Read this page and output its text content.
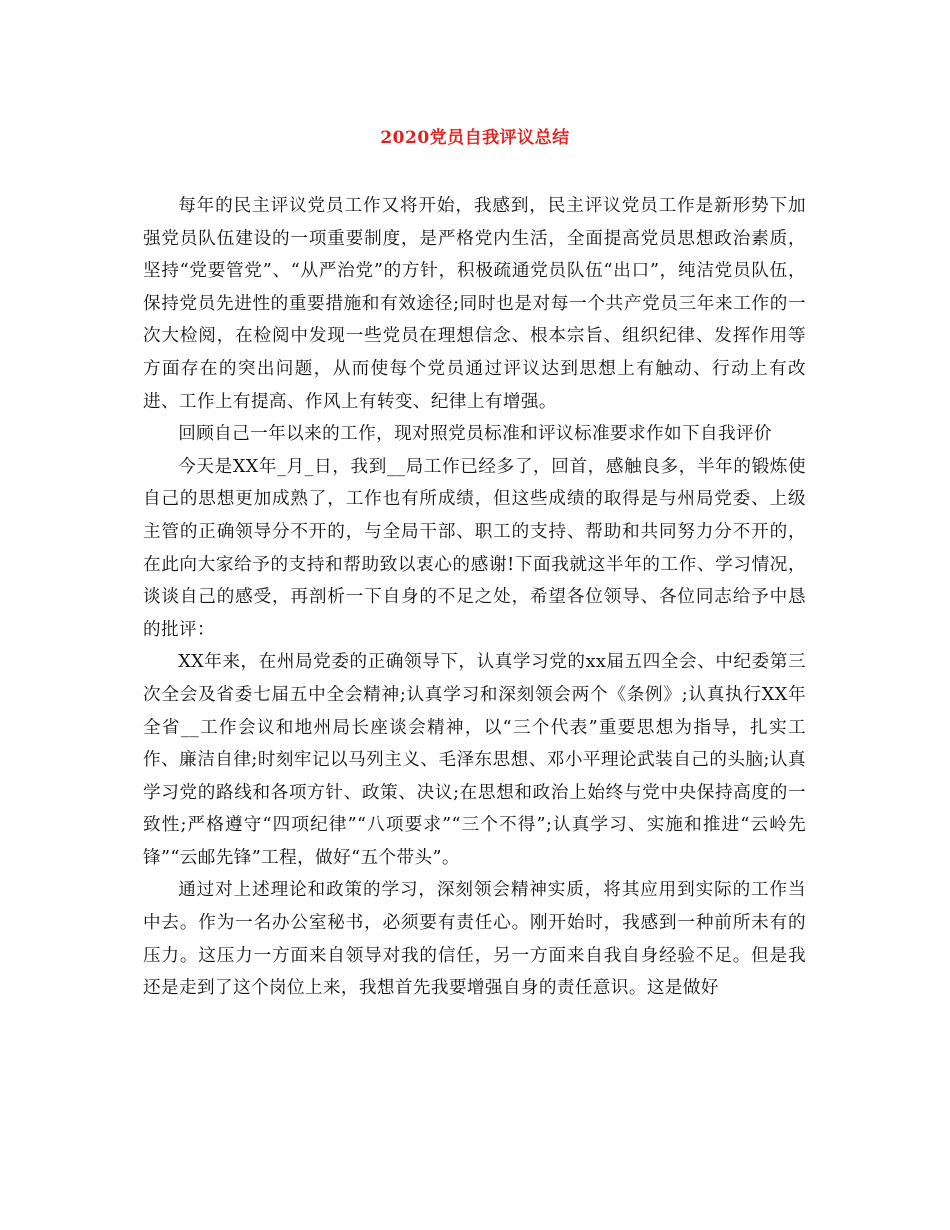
2020党员自我评议总结

每年的民主评议党员工作又将开始，我感到，民主评议党员工作是新形势下加强党员队伍建设的一项重要制度，是严格党内生活，全面提高党员思想政治素质，坚持“党要管党”、“从严治党”的方针，积极疏通党员队伍“出口”，纯洁党员队伍，保持党员先进性的重要措施和有效途径;同时也是对每一个共产党员三年来工作的一次大检阅，在检阅中发现一些党员在理想信念、根本宗旨、组织纪律、发挥作用等方面存在的突出问题，从而使每个党员通过评议达到思想上有触动、行动上有改进、工作上有提高、作风上有转变、纪律上有增强。

回顾自己一年以来的工作，现对照党员标准和评议标准要求作如下自我评价

今天是XX年_月_日，我到__局工作已经多了，回首，感触良多，半年的锻炼使自己的思想更加成熟了，工作也有所成绩，但这些成绩的取得是与州局党委、上级主管的正确领导分不开的，与全局干部、职工的支持、帮助和共同努力分不开的，在此向大家给予的支持和帮助致以衷心的感谢!下面我就这半年的工作、学习情况，谈谈自己的感受，再剖析一下自身的不足之处，希望各位领导、各位同志给予中恳的批评：

XX年来，在州局党委的正确领导下，认真学习党的xx届五四全会、中纪委第三次全会及省委七届五中全会精神;认真学习和深刻领会两个《条例》;认真执行XX年全省__工作会议和地州局长座谈会精神，以“三个代表”重要思想为指导，扎实工作、廉洁自律;时刻牢记以马列主义、毛泽东思想、邓小平理论武装自己的头脑;认真学习党的路线和各项方针、政策、决议;在思想和政治上始终与党中央保持高度的一致性;严格遵守“四项纪律”“八项要求”“三个不得”;认真学习、实施和推进“云岭先锋”“云邮先锋”工程，做好“五个带头”。

通过对上述理论和政策的学习，深刻领会精神实质，将其应用到实际的工作当中去。作为一名办公室秘书，必须要有责任心。刚开始时，我感到一种前所未有的压力。这压力一方面来自领导对我的信任，另一方面来自我自身经验不足。但是我还是走到了这个岗位上来，我想首先我要增强自身的责任意识。这是做好
